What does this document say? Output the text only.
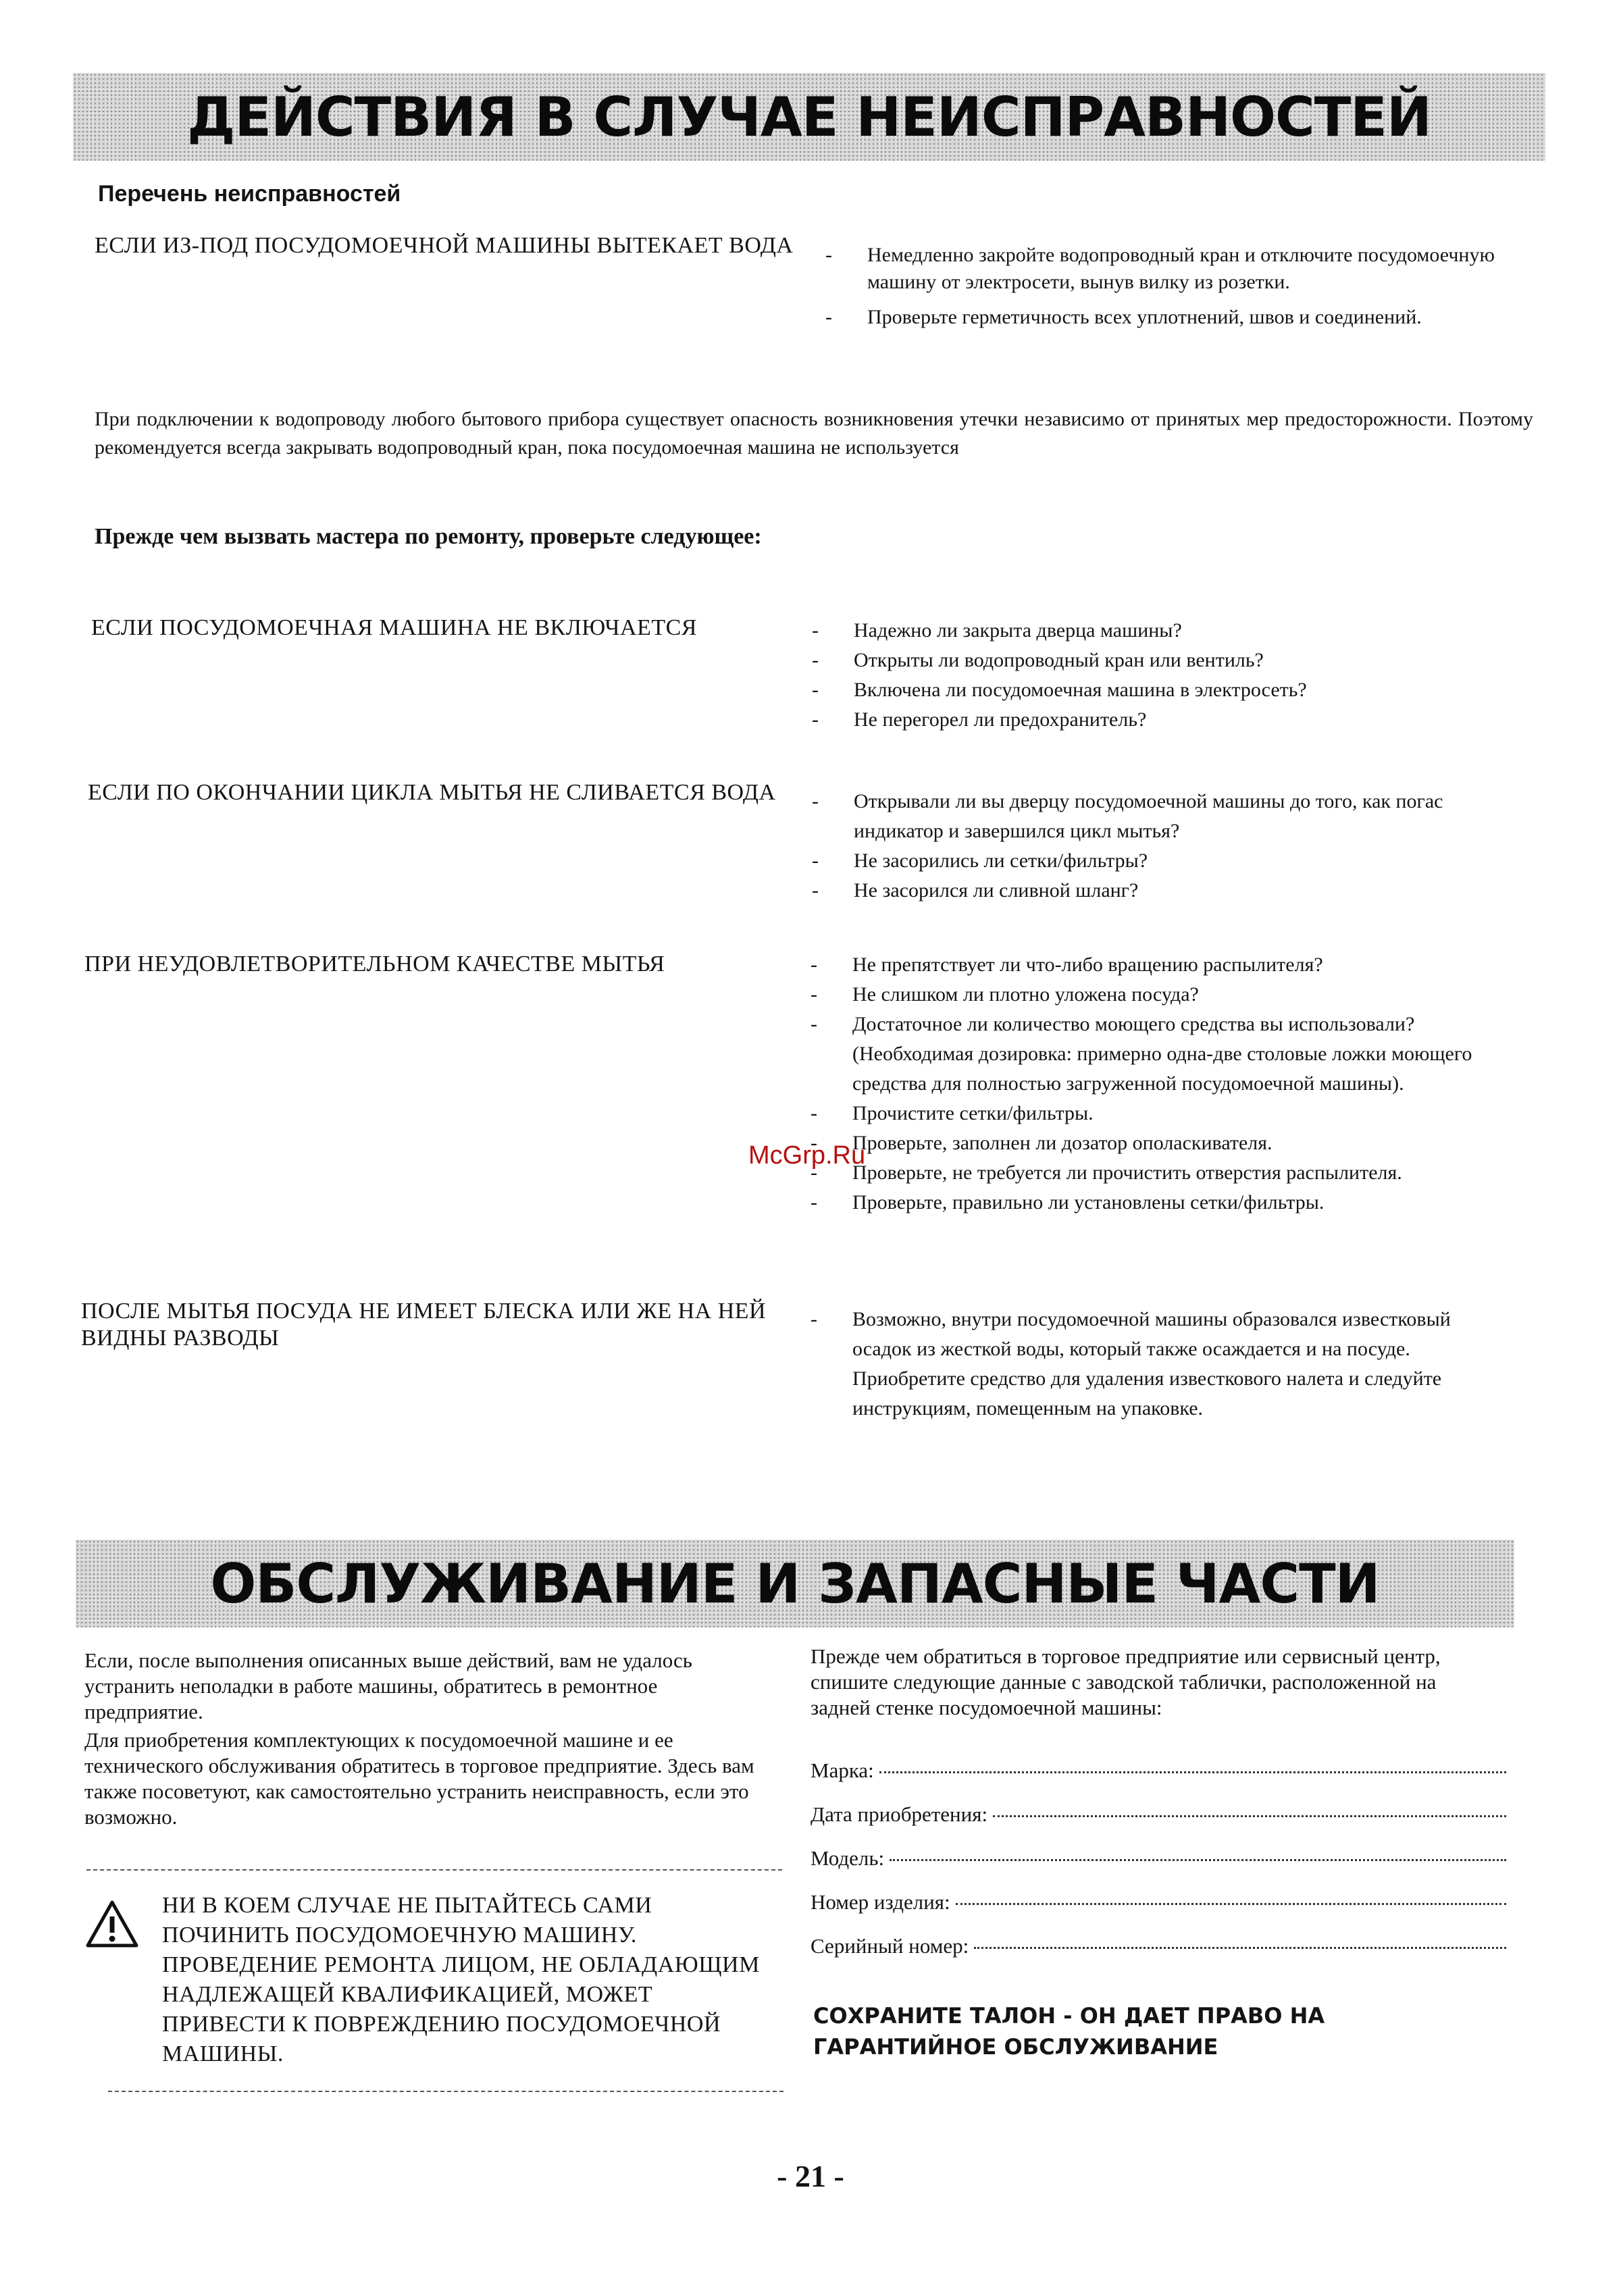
ДЕЙСТВИЯ В СЛУЧАЕ НЕИСПРАВНОСТЕЙ
Перечень неисправностей
ЕСЛИ ИЗ-ПОД ПОСУДОМОЕЧНОЙ МАШИНЫ ВЫТЕКАЕТ ВОДА	- Немедленно закройте водопроводный кран и отключите посудомоечную машину от электросети, вынув вилку из розетки.
- Проверьте герметичность всех уплотнений, швов и соединений.
При подключении к водопроводу любого бытового прибора существует опасность возникновения утечки независимо от принятых мер предосторожности. Поэтому рекомендуется всегда закрывать водопроводный кран, пока посудомоечная машина не используется
Прежде чем вызвать мастера по ремонту, проверьте следующее:
ЕСЛИ ПОСУДОМОЕЧНАЯ МАШИНА НЕ ВКЛЮЧАЕТСЯ	- Надежно ли закрыта дверца машины?
- Открыты ли водопроводный кран или вентиль?
- Включена ли посудомоечная машина в электросеть?
- Не перегорел ли предохранитель?
ЕСЛИ ПО ОКОНЧАНИИ ЦИКЛА МЫТЬЯ НЕ СЛИВАЕТСЯ ВОДА	- Открывали ли вы дверцу посудомоечной машины до того, как погас индикатор и завершился цикл мытья?
- Не засорились ли сетки/фильтры?
- Не засорился ли сливной шланг?
ПРИ НЕУДОВЛЕТВОРИТЕЛЬНОМ КАЧЕСТВЕ МЫТЬЯ	- Не препятствует ли что-либо вращению распылителя?
- Не слишком ли плотно уложена посуда?
- Достаточное ли количество моющего средства вы использовали? (Необходимая дозировка: примерно одна-две столовые ложки моющего средства для полностью загруженной посудомоечной машины).
- Прочистите сетки/фильтры.
- Проверьте, заполнен ли дозатор ополаскивателя.
- Проверьте, не требуется ли прочистить отверстия распылителя.
- Проверьте, правильно ли установлены сетки/фильтры.
McGrp.Ru
ПОСЛЕ МЫТЬЯ ПОСУДА НЕ ИМЕЕТ БЛЕСКА ИЛИ ЖЕ НА НЕЙ ВИДНЫ РАЗВОДЫ
- Возможно, внутри посудомоечной машины образовался известковый осадок из жесткой воды, который также осаждается и на посуде. Приобретите средство для удаления известкового налета и следуйте инструкциям, помещенным на упаковке.
ОБСЛУЖИВАНИЕ И ЗАПАСНЫЕ ЧАСТИ
Если, после выполнения описанных выше действий, вам не удалось устранить неполадки в работе машины, обратитесь в ремонтное предприятие.
Для приобретения комплектующих к посудомоечной машине и ее технического обслуживания обратитесь в торговое предприятие. Здесь вам также посоветуют, как самостоятельно устранить неисправность, если это возможно.
НИ В КОЕМ СЛУЧАЕ НЕ ПЫТАЙТЕСЬ САМИ ПОЧИНИТЬ ПОСУДОМОЕЧНУЮ МАШИНУ. ПРОВЕДЕНИЕ РЕМОНТА ЛИЦОМ, НЕ ОБЛАДАЮЩИМ НАДЛЕЖАЩЕЙ КВАЛИФИКАЦИЕЙ, МОЖЕТ ПРИВЕСТИ К ПОВРЕЖДЕНИЮ ПОСУДОМОЕЧНОЙ МАШИНЫ.
Прежде чем обратиться в торговое предприятие или сервисный центр, спишите следующие данные с заводской таблички, расположенной на задней стенке посудомоечной машины:
Марка:
Дата приобретения:
Модель:
Номер изделия:
Серийный номер:
СОХРАНИТЕ ТАЛОН - ОН ДАЕТ ПРАВО НА ГАРАНТИЙНОЕ ОБСЛУЖИВАНИЕ
- 21 -
